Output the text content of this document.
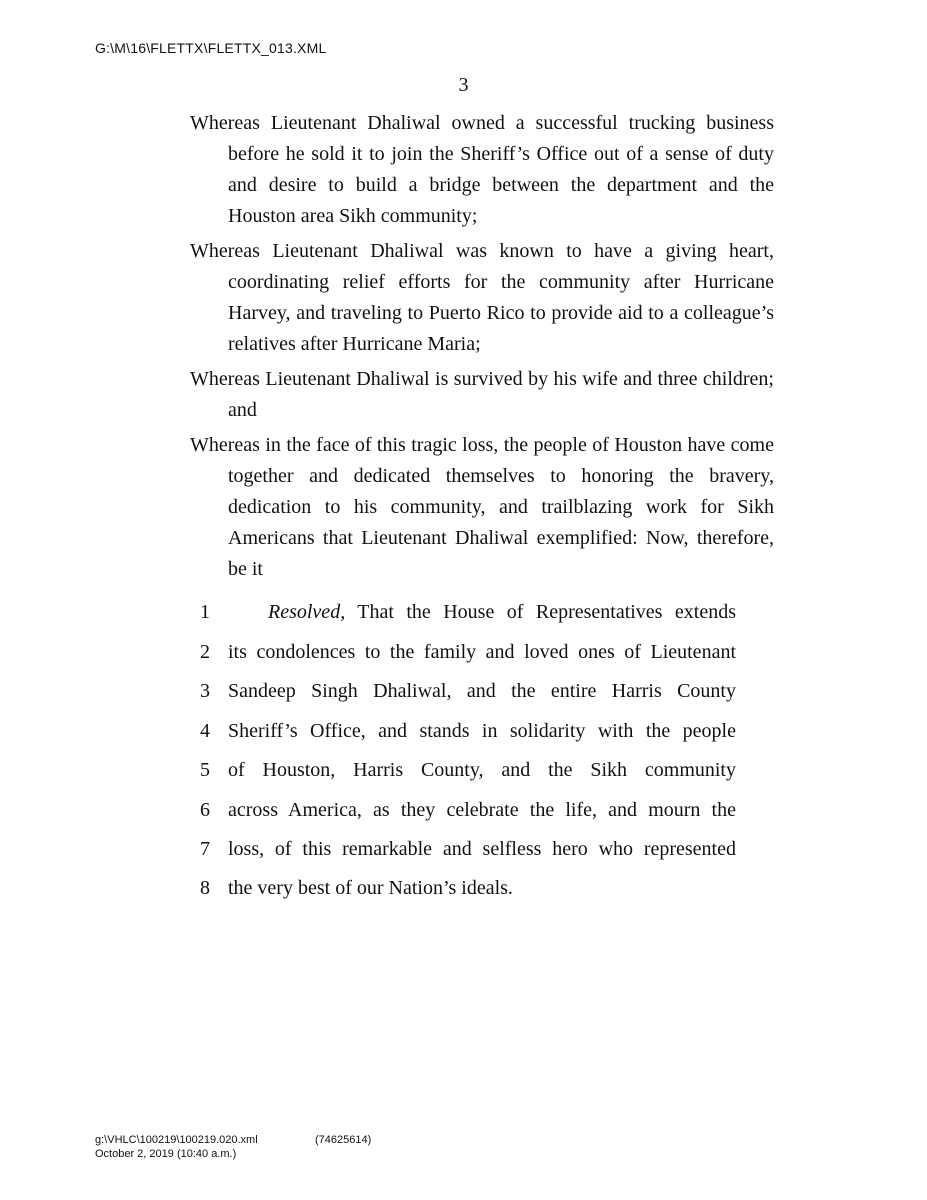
G:\M\16\FLETTX\FLETTX_013.XML
3

Whereas Lieutenant Dhaliwal owned a successful trucking business before he sold it to join the Sheriff’s Office out of a sense of duty and desire to build a bridge between the department and the Houston area Sikh community;

Whereas Lieutenant Dhaliwal was known to have a giving heart, coordinating relief efforts for the community after Hurricane Harvey, and traveling to Puerto Rico to provide aid to a colleague’s relatives after Hurricane Maria;

Whereas Lieutenant Dhaliwal is survived by his wife and three children; and

Whereas in the face of this tragic loss, the people of Houston have come together and dedicated themselves to honoring the bravery, dedication to his community, and trailblazing work for Sikh Americans that Lieutenant Dhaliwal exemplified: Now, therefore, be it

1	Resolved, That the House of Representatives extends
2 its condolences to the family and loved ones of Lieutenant
3 Sandeep Singh Dhaliwal, and the entire Harris County
4 Sheriff’s Office, and stands in solidarity with the people
5 of Houston, Harris County, and the Sikh community
6 across America, as they celebrate the life, and mourn the
7 loss, of this remarkable and selfless hero who represented
8 the very best of our Nation’s ideals.
g:\VHLC\100219\100219.020.xml	(74625614)
October 2, 2019 (10:40 a.m.)
